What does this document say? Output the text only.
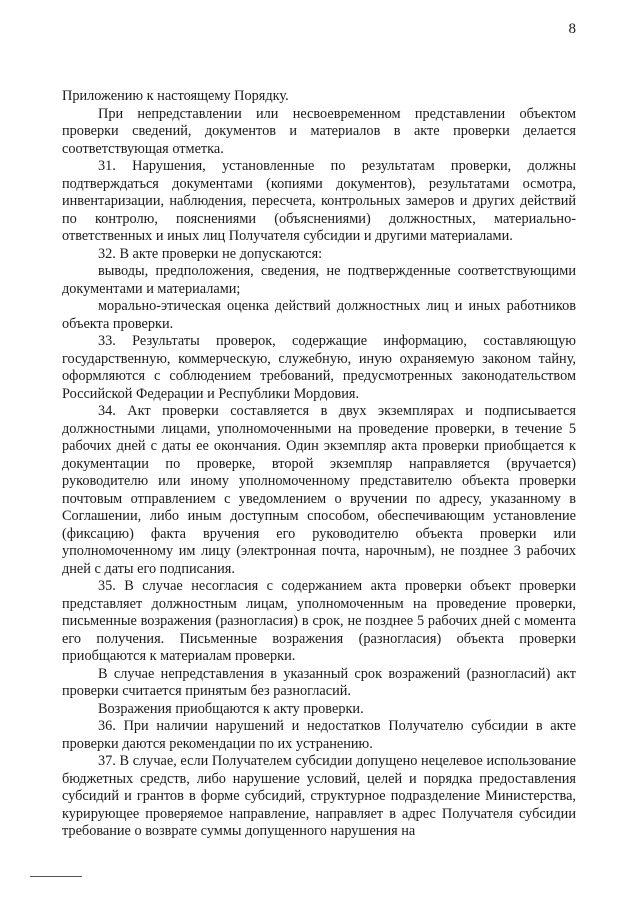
8

Приложению к настоящему Порядку.

При непредставлении или несвоевременном представлении объектом проверки сведений, документов и материалов в акте проверки делается соответствующая отметка.

31. Нарушения, установленные по результатам проверки, должны подтверждаться документами (копиями документов), результатами осмотра, инвентаризации, наблюдения, пересчета, контрольных замеров и других действий по контролю, пояснениями (объяснениями) должностных, материально-ответственных и иных лиц Получателя субсидии и другими материалами.

32. В акте проверки не допускаются:

выводы, предположения, сведения, не подтвержденные соответствующими документами и материалами;

морально-этическая оценка действий должностных лиц и иных работников объекта проверки.

33. Результаты проверок, содержащие информацию, составляющую государственную, коммерческую, служебную, иную охраняемую законом тайну, оформляются с соблюдением требований, предусмотренных законодательством Российской Федерации и Республики Мордовия.

34. Акт проверки составляется в двух экземплярах и подписывается должностными лицами, уполномоченными на проведение проверки, в течение 5 рабочих дней с даты ее окончания. Один экземпляр акта проверки приобщается к документации по проверке, второй экземпляр направляется (вручается) руководителю или иному уполномоченному представителю объекта проверки почтовым отправлением с уведомлением о вручении по адресу, указанному в Соглашении, либо иным доступным способом, обеспечивающим установление (фиксацию) факта вручения его руководителю объекта проверки или уполномоченному им лицу (электронная почта, нарочным), не позднее 3 рабочих дней с даты его подписания.

35. В случае несогласия с содержанием акта проверки объект проверки представляет должностным лицам, уполномоченным на проведение проверки, письменные возражения (разногласия) в срок, не позднее 5 рабочих дней с момента его получения. Письменные возражения (разногласия) объекта проверки приобщаются к материалам проверки.

В случае непредставления в указанный срок возражений (разногласий) акт проверки считается принятым без разногласий.

Возражения приобщаются к акту проверки.

36. При наличии нарушений и недостатков Получателю субсидии в акте проверки даются рекомендации по их устранению.

37. В случае, если Получателем субсидии допущено нецелевое использование бюджетных средств, либо нарушение условий, целей и порядка предоставления субсидий и грантов в форме субсидий, структурное подразделение Министерства, курирующее проверяемое направление, направляет в адрес Получателя субсидии требование о возврате суммы допущенного нарушения на
